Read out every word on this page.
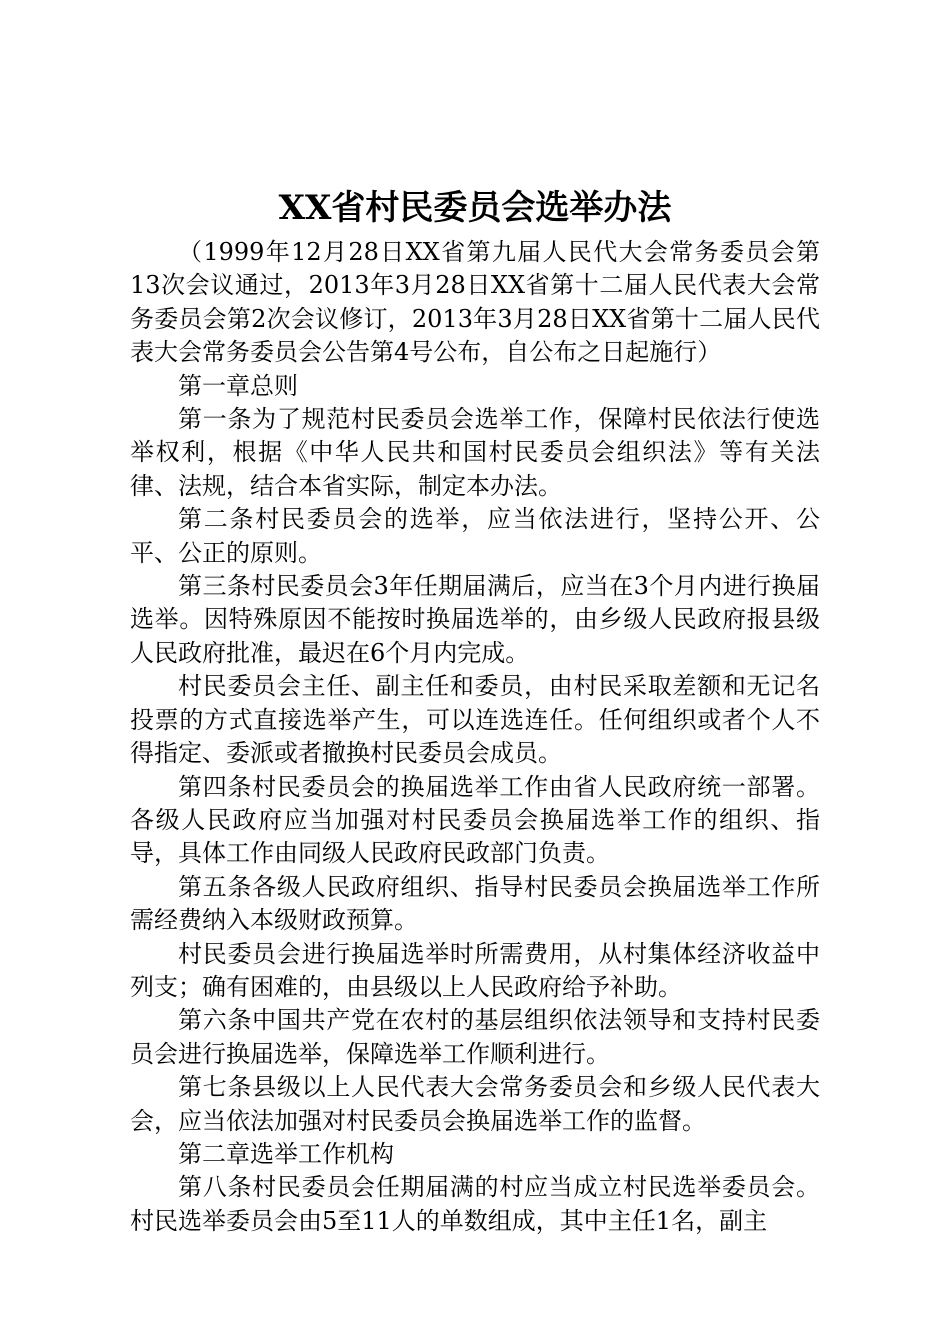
XX省村民委员会选举办法

（1999年12月28日XX省第九届人民代大会常务委员会第13次会议通过，2013年3月28日XX省第十二届人民代表大会常务委员会第2次会议修订，2013年3月28日XX省第十二届人民代表大会常务委员会公告第4号公布，自公布之日起施行）

第一章总则

第一条为了规范村民委员会选举工作，保障村民依法行使选举权利，根据《中华人民共和国村民委员会组织法》等有关法律、法规，结合本省实际，制定本办法。

第二条村民委员会的选举，应当依法进行，坚持公开、公平、公正的原则。

第三条村民委员会3年任期届满后，应当在3个月内进行换届选举。因特殊原因不能按时换届选举的，由乡级人民政府报县级人民政府批准，最迟在6个月内完成。

村民委员会主任、副主任和委员，由村民采取差额和无记名投票的方式直接选举产生，可以连选连任。任何组织或者个人不得指定、委派或者撤换村民委员会成员。

第四条村民委员会的换届选举工作由省人民政府统一部署。各级人民政府应当加强对村民委员会换届选举工作的组织、指导，具体工作由同级人民政府民政部门负责。

第五条各级人民政府组织、指导村民委员会换届选举工作所需经费纳入本级财政预算。

村民委员会进行换届选举时所需费用，从村集体经济收益中列支；确有困难的，由县级以上人民政府给予补助。

第六条中国共产党在农村的基层组织依法领导和支持村民委员会进行换届选举，保障选举工作顺利进行。

第七条县级以上人民代表大会常务委员会和乡级人民代表大会，应当依法加强对村民委员会换届选举工作的监督。

第二章选举工作机构

第八条村民委员会任期届满的村应当成立村民选举委员会。村民选举委员会由5至11人的单数组成，其中主任1名，副主
